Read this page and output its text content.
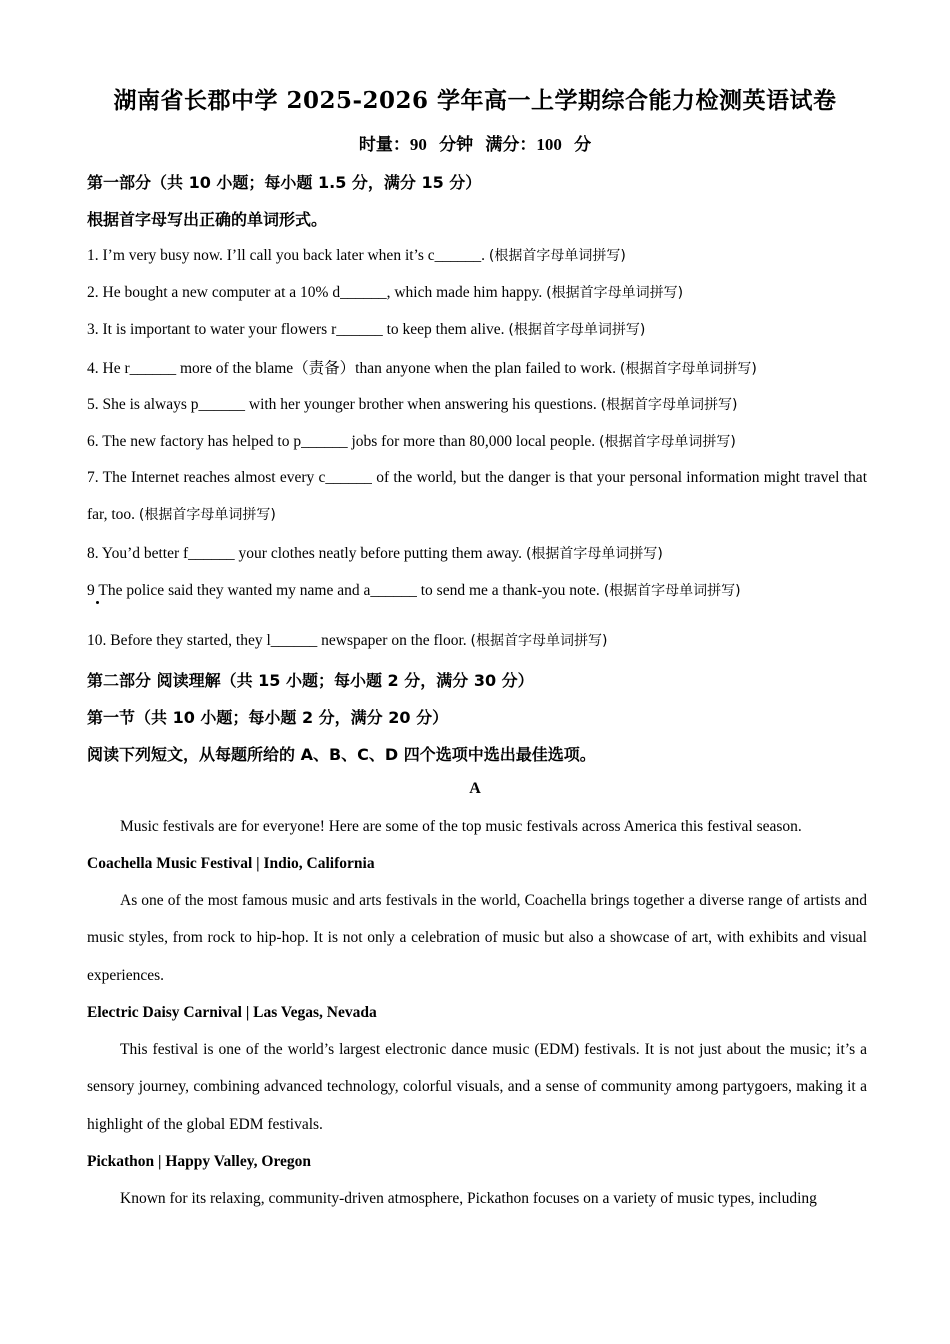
湖南省长郡中学 2025-2026 学年高一上学期综合能力检测英语试卷
时量：90 分钟 满分：100 分
第一部分（共 10 小题；每小题 1.5 分，满分 15 分）
根据首字母写出正确的单词形式。
1. I’m very busy now. I’ll call you back later when it’s c______. (根据首字母单词拼写)
2. He bought a new computer at a 10% d______, which made him happy. (根据首字母单词拼写)
3. It is important to water your flowers r______ to keep them alive. (根据首字母单词拼写)
4. He r______ more of the blame（责备）than anyone when the plan failed to work. (根据首字母单词拼写)
5. She is always p______ with her younger brother when answering his questions. (根据首字母单词拼写)
6. The new factory has helped to p______ jobs for more than 80,000 local people. (根据首字母单词拼写)
7. The Internet reaches almost every c______ of the world, but the danger is that your personal information might travel that far, too. (根据首字母单词拼写)
8. You’d better f______ your clothes neatly before putting them away. (根据首字母单词拼写)
9 The police said they wanted my name and a______ to send me a thank-you note. (根据首字母单词拼写)
10. Before they started, they l______ newspaper on the floor. (根据首字母单词拼写)
第二部分 阅读理解（共 15 小题；每小题 2 分，满分 30 分）
第一节（共 10 小题；每小题 2 分，满分 20 分）
阅读下列短文，从每题所给的 A、B、C、D 四个选项中选出最佳选项。
A
Music festivals are for everyone! Here are some of the top music festivals across America this festival season.
Coachella Music Festival | Indio, California
As one of the most famous music and arts festivals in the world, Coachella brings together a diverse range of artists and music styles, from rock to hip-hop. It is not only a celebration of music but also a showcase of art, with exhibits and visual experiences.
Electric Daisy Carnival | Las Vegas, Nevada
This festival is one of the world’s largest electronic dance music (EDM) festivals. It is not just about the music; it’s a sensory journey, combining advanced technology, colorful visuals, and a sense of community among partygoers, making it a highlight of the global EDM festivals.
Pickathon | Happy Valley, Oregon
Known for its relaxing, community-driven atmosphere, Pickathon focuses on a variety of music types, including
